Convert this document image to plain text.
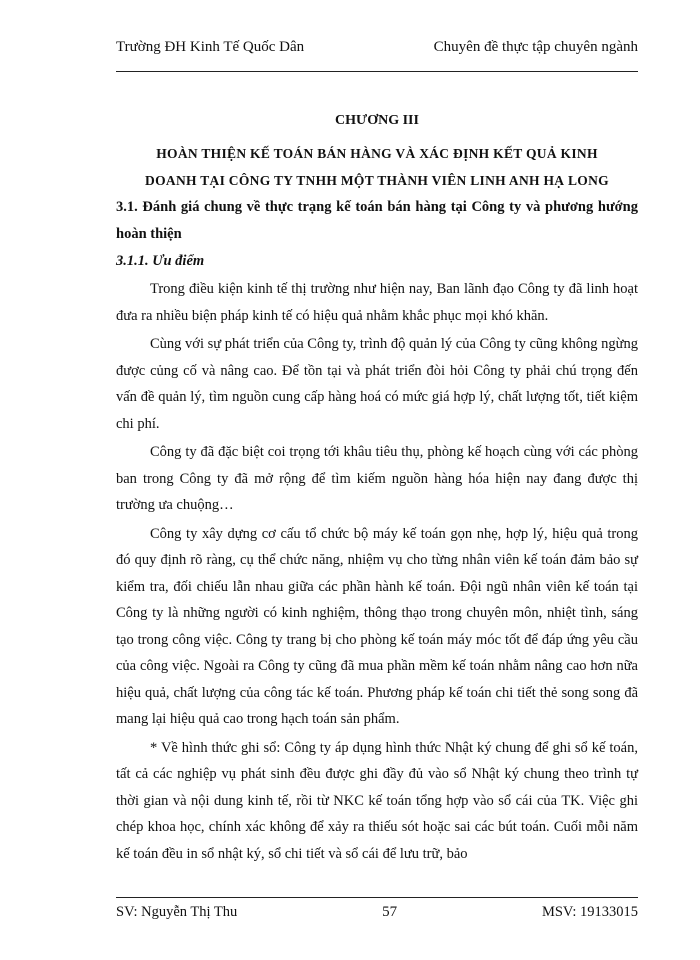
Trường ĐH Kinh Tế Quốc Dân	Chuyên đề thực tập chuyên ngành

CHƯƠNG III

HOÀN THIỆN KẾ TOÁN BÁN HÀNG VÀ XÁC ĐỊNH KẾT QUẢ KINH

DOANH TẠI CÔNG TY TNHH MỘT THÀNH VIÊN LINH ANH HẠ LONG

3.1. Đánh giá chung về thực trạng kế toán bán hàng tại Công ty và phương hướng hoàn thiện

3.1.1. Ưu điểm

Trong điều kiện kinh tế thị trường như hiện nay, Ban lãnh đạo Công ty đã linh hoạt đưa ra nhiều biện pháp kinh tế có hiệu quả nhằm khắc phục mọi khó khăn.

Cùng với sự phát triển của Công ty, trình độ quản lý của Công ty cũng không ngừng được củng cố và nâng cao. Để tồn tại và phát triển đòi hỏi Công ty phải chú trọng đến vấn đề quản lý, tìm nguồn cung cấp hàng hoá có mức giá hợp lý, chất lượng tốt, tiết kiệm chi phí.

Công ty đã đặc biệt coi trọng tới khâu tiêu thụ, phòng kế hoạch cùng với các phòng ban trong Công ty đã mở rộng để tìm kiếm nguồn hàng hóa hiện nay đang được thị trường ưa chuộng…

Công ty xây dựng cơ cấu tổ chức bộ máy kế toán gọn nhẹ, hợp lý, hiệu quả trong đó quy định rõ ràng, cụ thể chức năng, nhiệm vụ cho từng nhân viên kế toán đảm bảo sự kiểm tra, đối chiếu lẫn nhau giữa các phần hành kế toán. Đội ngũ nhân viên kế toán tại Công ty là những người có kinh nghiệm, thông thạo trong chuyên môn, nhiệt tình, sáng tạo trong công việc. Công ty trang bị cho phòng kế toán máy móc tốt để đáp ứng yêu cầu của công việc. Ngoài ra Công ty cũng đã mua phần mềm kế toán nhằm nâng cao hơn nữa hiệu quả, chất lượng của công tác kế toán. Phương pháp kế toán chi tiết thẻ song song đã mang lại hiệu quả cao trong hạch toán sản phẩm.

* Về hình thức ghi sổ: Công ty áp dụng hình thức Nhật ký chung để ghi sổ kế toán, tất cả các nghiệp vụ phát sinh đều được ghi đầy đủ vào sổ Nhật ký chung theo trình tự thời gian và nội dung kinh tế, rồi từ NKC kế toán tổng hợp vào sổ cái của TK. Việc ghi chép khoa học, chính xác không để xảy ra thiếu sót hoặc sai các bút toán. Cuối mỗi năm kế toán đều in sổ nhật ký, sổ chi tiết và sổ cái để lưu trữ, bảo

SV: Nguyễn Thị Thu	57	MSV: 19133015
